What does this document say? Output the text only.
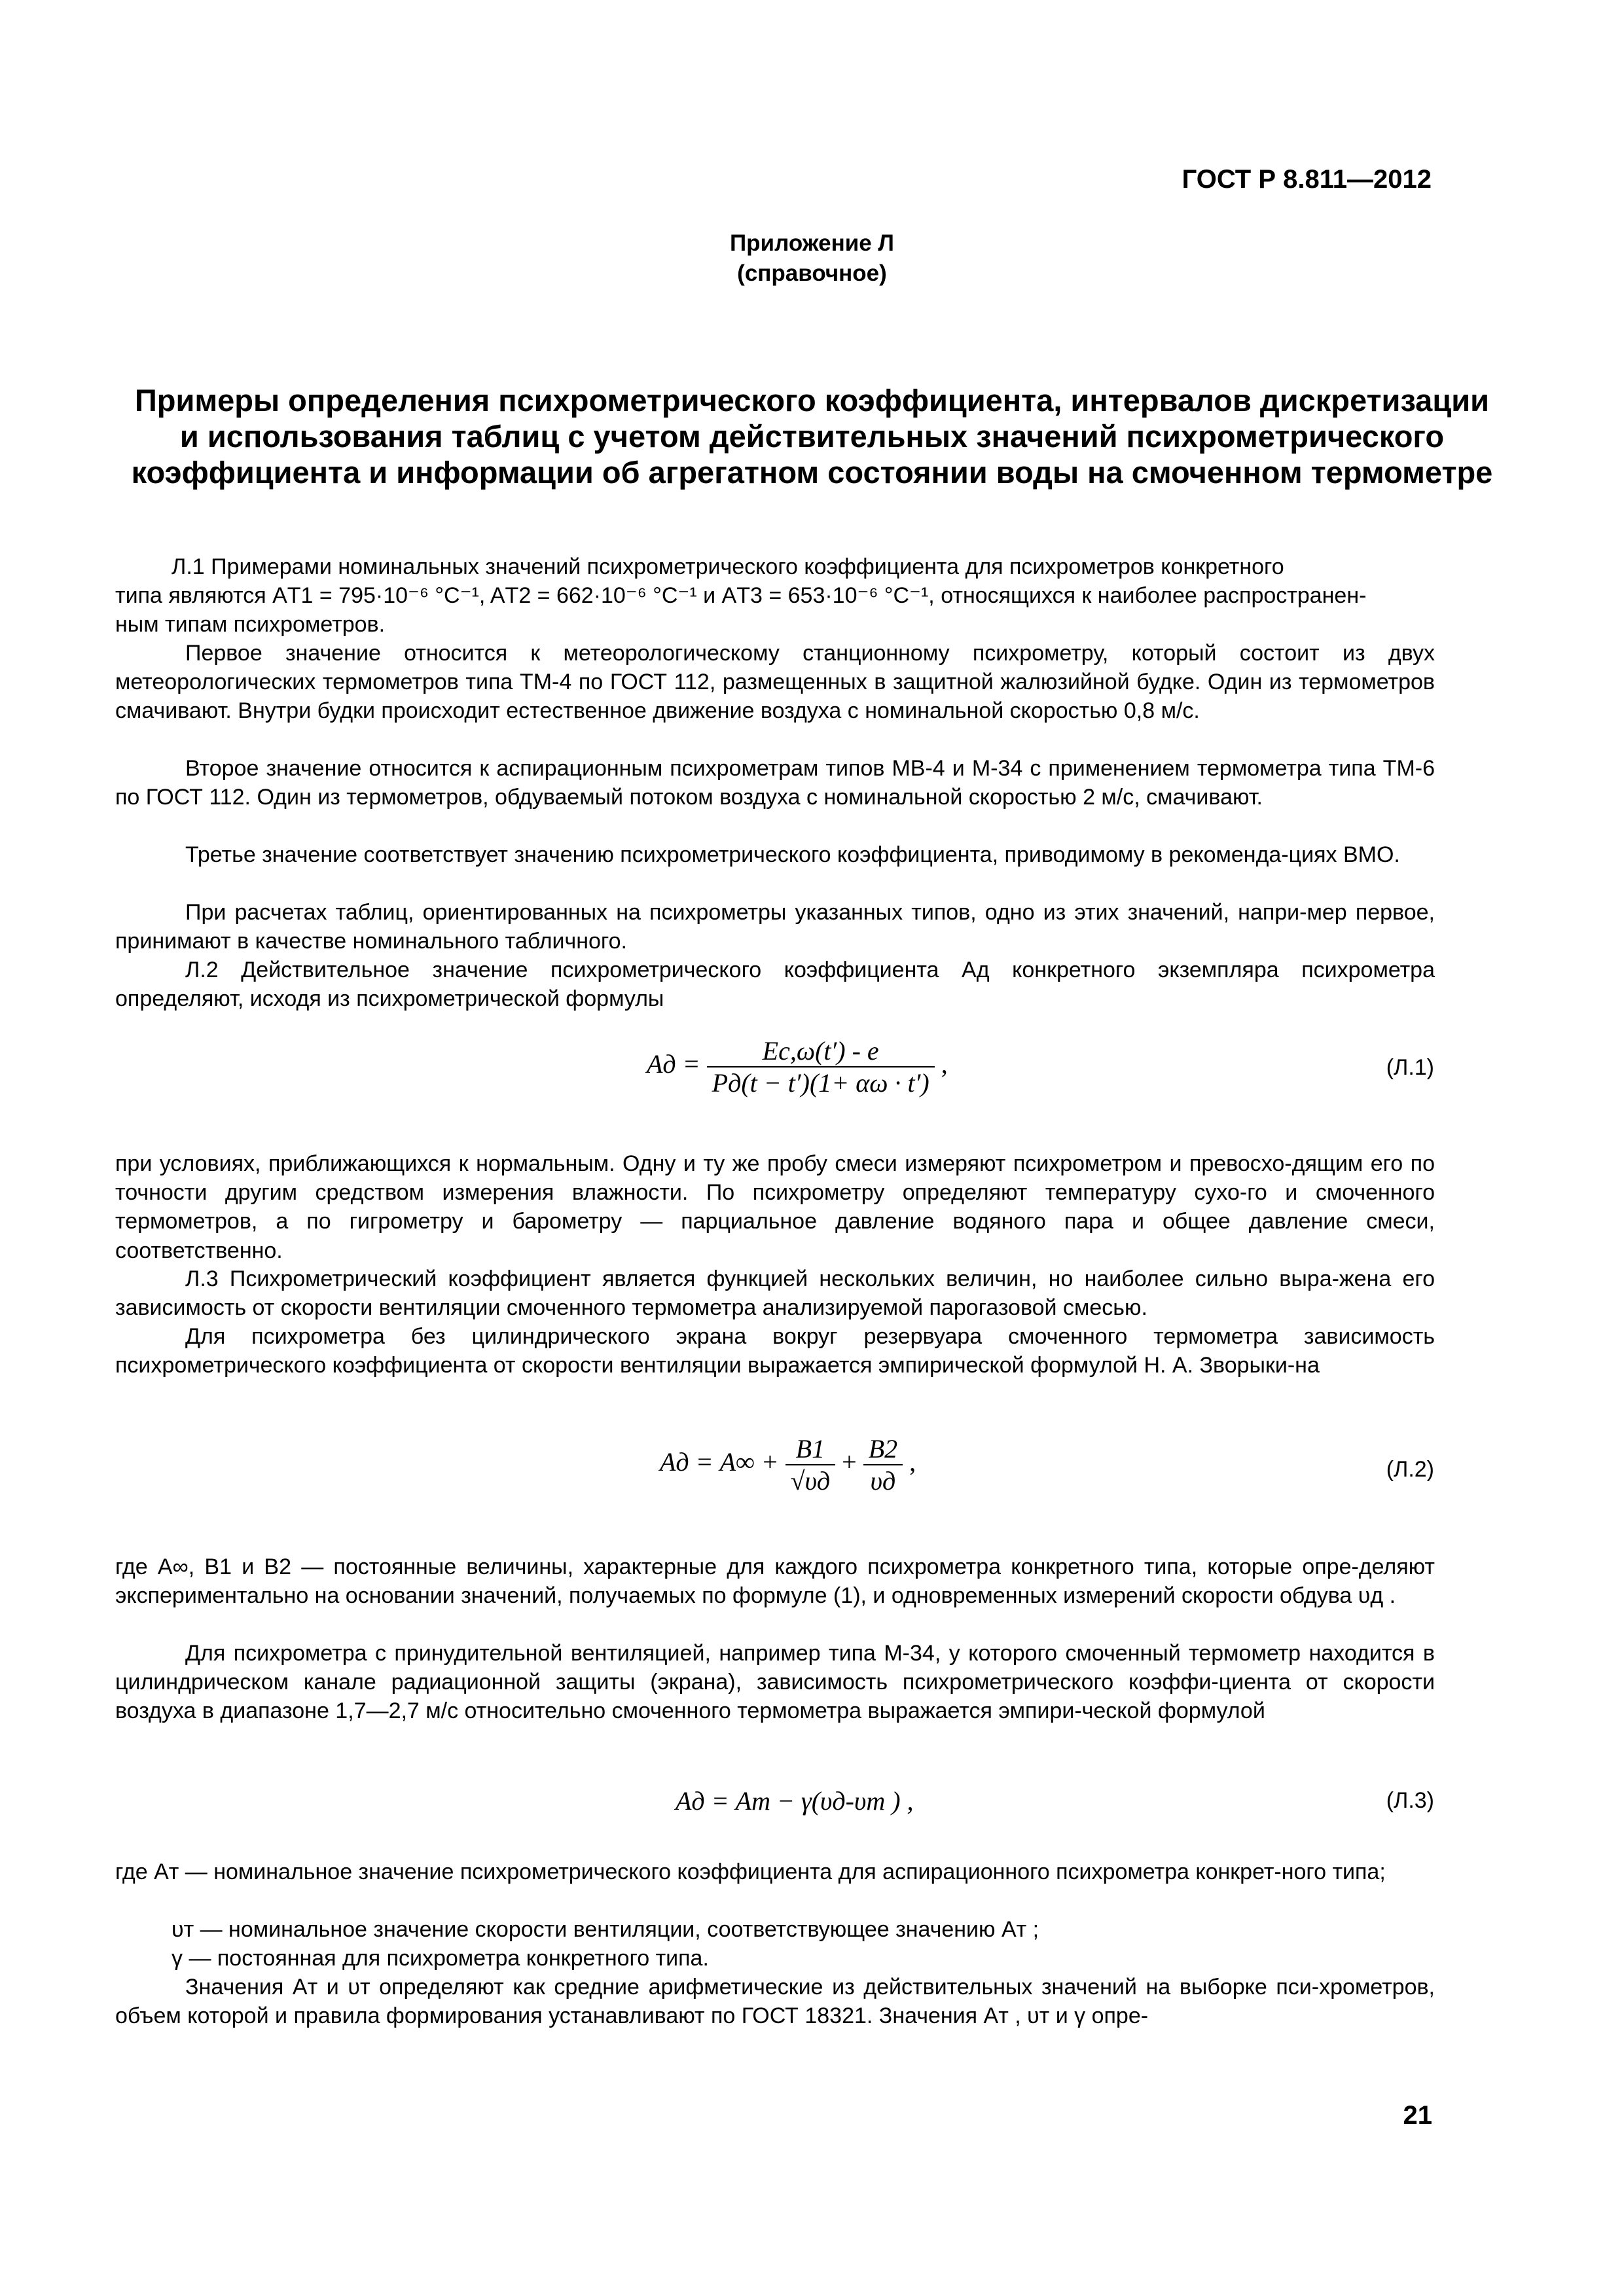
ГОСТ Р 8.811—2012
Приложение Л
(справочное)
Примеры определения психрометрического коэффициента, интервалов дискретизации и использования таблиц с учетом действительных значений психрометрического коэффициента и информации об агрегатном состоянии воды на смоченном термометре
Л.1 Примерами номинальных значений психрометрического коэффициента для психрометров конкретного
типа являются AТ1 = 795·10⁻⁶ °C⁻¹, AТ2 = 662·10⁻⁶ °C⁻¹ и AТ3 = 653·10⁻⁶ °C⁻¹, относящихся к наиболее распространен-
ным типам психрометров.
Первое значение относится к метеорологическому станционному психрометру, который состоит из двух метеорологических термометров типа ТМ-4 по ГОСТ 112, размещенных в защитной жалюзийной будке. Один из термометров смачивают. Внутри будки происходит естественное движение воздуха с номинальной скоростью 0,8 м/с.
Второе значение относится к аспирационным психрометрам типов МВ-4 и М-34 с применением термометра типа ТМ-6 по ГОСТ 112. Один из термометров, обдуваемый потоком воздуха с номинальной скоростью 2 м/с, смачивают.
Третье значение соответствует значению психрометрического коэффициента, приводимому в рекоменда-циях ВМО.
При расчетах таблиц, ориентированных на психрометры указанных типов, одно из этих значений, напри-мер первое, принимают в качестве номинального табличного.
Л.2 Действительное значение психрометрического коэффициента Aд конкретного экземпляра психрометра определяют, исходя из психрометрической формулы
Aд = $\frac{Eс,\omega(t') - e}{Pд(t - t')(1+ \alpha\omega \cdot t')}$ ,	(Л.1)
при условиях, приближающихся к нормальным. Одну и ту же пробу смеси измеряют психрометром и превосхо-дящим его по точности другим средством измерения влажности. По психрометру определяют температуру сухо-го и смоченного термометров, а по гигрометру и барометру — парциальное давление водяного пара и общее давление смеси, соответственно.
Л.3 Психрометрический коэффициент является функцией нескольких величин, но наиболее сильно выра-жена его зависимость от скорости вентиляции смоченного термометра анализируемой парогазовой смесью.
Для психрометра без цилиндрического экрана вокруг резервуара смоченного термометра зависимость психрометрического коэффициента от скорости вентиляции выражается эмпирической формулой Н. А. Зворыки-на
Aд = $A\infty + \frac{B1}{√\upsilon д} + \frac{B2}{\upsilon д}$ ,	(Л.2)
где A∞, B1 и B2 — постоянные величины, характерные для каждого психрометра конкретного типа, которые опре-деляют экспериментально на основании значений, получаемых по формуле (1), и одновременных измерений скорости обдува υд .
Для психрометра с принудительной вентиляцией, например типа М-34, у которого смоченный термометр находится в цилиндрическом канале радиационной защиты (экрана), зависимость психрометрического коэффи-циента от скорости воздуха в диапазоне 1,7—2,7 м/с относительно смоченного термометра выражается эмпири-ческой формулой
Aд = Aт − γ(υд-υт ) ,	(Л.3)
где Aт — номинальное значение психрометрического коэффициента для аспирационного психрометра конкрет-ного типа;
υт — номинальное значение скорости вентиляции, соответствующее значению Aт ;
γ — постоянная для психрометра конкретного типа.
Значения Aт и υт определяют как средние арифметические из действительных значений на выборке пси-хрометров, объем которой и правила формирования устанавливают по ГОСТ 18321. Значения Aт , υт и γ опре-
21
